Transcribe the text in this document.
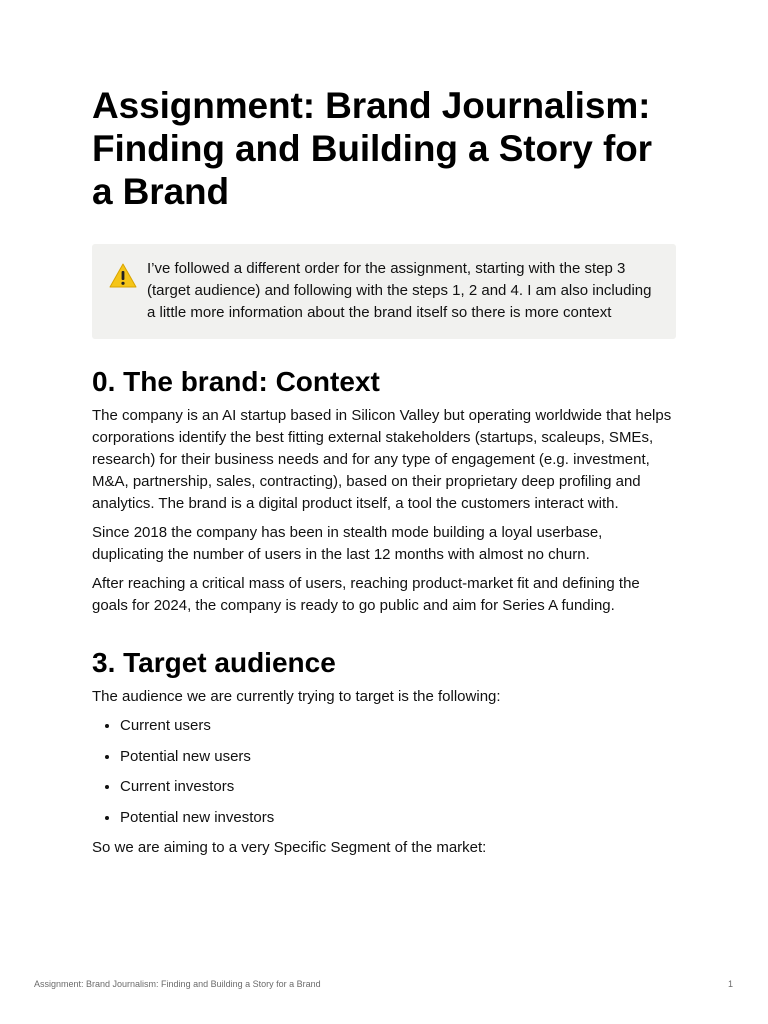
Assignment: Brand Journalism: Finding and Building a Story for a Brand

I’ve followed a different order for the assignment, starting with the step 3 (target audience) and following with the steps 1, 2 and 4. I am also including a little more information about the brand itself so there is more context

0. The brand: Context

The company is an AI startup based in Silicon Valley but operating worldwide that helps corporations identify the best fitting external stakeholders (startups, scaleups, SMEs, research) for their business needs and for any type of engagement (e.g. investment, M&A, partnership, sales, contracting), based on their proprietary deep profiling and analytics. The brand is a digital product itself, a tool the customers interact with.

Since 2018 the company has been in stealth mode building a loyal userbase, duplicating the number of users in the last 12 months with almost no churn.

After reaching a critical mass of users, reaching product-market fit and defining the goals for 2024, the company is ready to go public and aim for Series A funding.

3. Target audience

The audience we are currently trying to target is the following:

• Current users
• Potential new users
• Current investors
• Potential new investors

So we are aiming to a very Specific Segment of the market:

Assignment: Brand Journalism: Finding and Building a Story for a Brand	1
